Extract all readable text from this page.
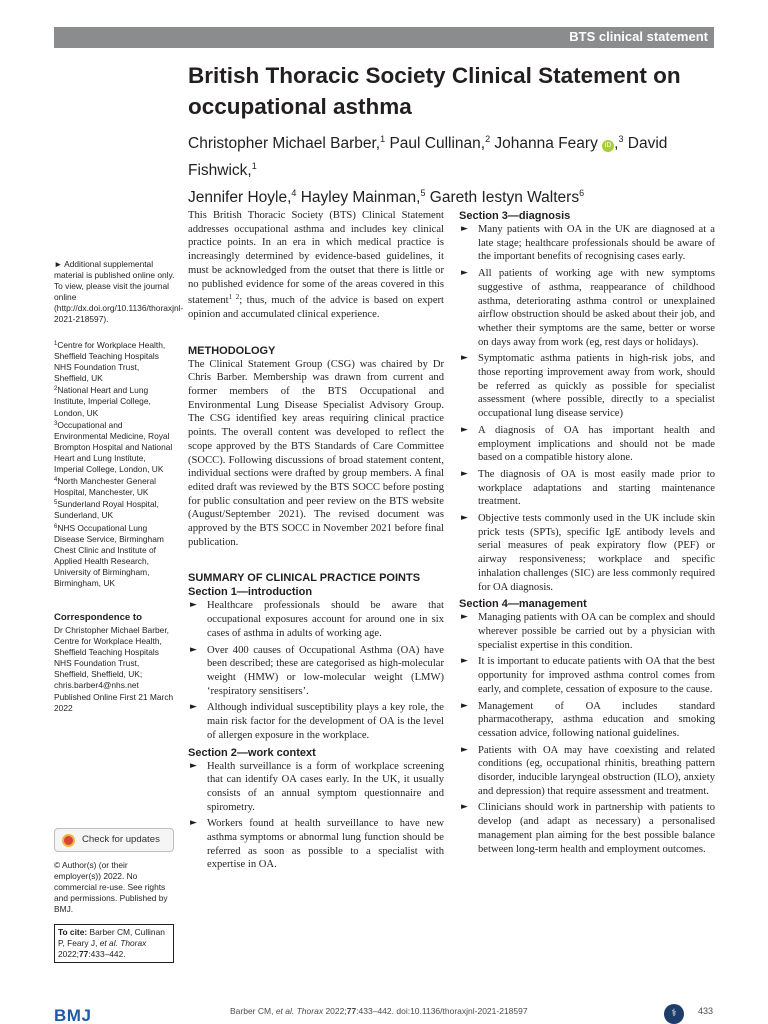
BTS clinical statement
British Thoracic Society Clinical Statement on occupational asthma
Christopher Michael Barber,$^1$ Paul Cullinan,$^2$ Johanna Feary iD ,$^3$ David Fishwick,$^1$
Jennifer Hoyle,$^4$ Hayley Mainman,$^5$ Gareth Iestyn Walters$^6$
► Additional supplemental material is published online only. To view, please visit the journal online (http://dx.doi.org/10.1136/thoraxjnl-2021-218597).
$^1$Centre for Workplace Health, Sheffield Teaching Hospitals NHS Foundation Trust, Sheffield, UK
$^2$National Heart and Lung Institute, Imperial College, London, UK
$^3$Occupational and Environmental Medicine, Royal Brompton Hospital and National Heart and Lung Institute, Imperial College, London, UK
$^4$North Manchester General Hospital, Manchester, UK
$^5$Sunderland Royal Hospital, Sunderland, UK
$^6$NHS Occupational Lung Disease Service, Birmingham Chest Clinic and Institute of Applied Health Research, University of Birmingham, Birmingham, UK
Correspondence to
Dr Christopher Michael Barber, Centre for Workplace Health, Sheffield Teaching Hospitals NHS Foundation Trust, Sheffield, Sheffield, UK; chris.barber4@nhs.net
Published Online First 21 March 2022
Check for updates
© Author(s) (or their employer(s)) 2022. No commercial re-use. See rights and permissions. Published by BMJ.
To cite: Barber CM, Cullinan P, Feary J, et al. Thorax 2022;77:433–442.

This British Thoracic Society (BTS) Clinical Statement addresses occupational asthma and includes key clinical practice points. In an era in which medical practice is increasingly determined by evidence-based guidelines, it must be acknowledged from the outset that there is little or no published evidence for some of the areas covered in this statement$^{1 2}$; thus, much of the advice is based on expert opinion and accumulated clinical experience.

METHODOLOGY

The Clinical Statement Group (CSG) was chaired by Dr Chris Barber. Membership was drawn from current and former members of the BTS Occupational and Environmental Lung Disease Specialist Advisory Group. The CSG identified key areas requiring clinical practice points. The overall content was developed to reflect the scope approved by the BTS Standards of Care Committee (SOCC). Following discussions of broad statement content, individual sections were drafted by group members. A final edited draft was reviewed by the BTS SOCC before posting for public consultation and peer review on the BTS website (August/September 2021). The revised document was approved by the BTS SOCC in November 2021 before final publication.

SUMMARY OF CLINICAL PRACTICE POINTS
Section 1—introduction
► Healthcare professionals should be aware that occupational exposures account for around one in six cases of asthma in adults of working age.
► Over 400 causes of Occupational Asthma (OA) have been described; these are categorised as high-molecular weight (HMW) or low-molecular weight (LMW) ‘respiratory sensitisers’.
► Although individual susceptibility plays a key role, the main risk factor for the development of OA is the level of allergen exposure in the workplace.
Section 2—work context
► Health surveillance is a form of workplace screening that can identify OA cases early. In the UK, it usually consists of an annual symptom questionnaire and spirometry.
► Workers found at health surveillance to have new asthma symptoms or abnormal lung function should be referred as soon as possible to a specialist with expertise in OA.
Section 3—diagnosis
► Many patients with OA in the UK are diagnosed at a late stage; healthcare professionals should be aware of the important benefits of recognising cases early.
► All patients of working age with new symptoms suggestive of asthma, reappearance of childhood asthma, deteriorating asthma control or unexplained airflow obstruction should be asked about their job, and whether their symptoms are the same, better or worse on days away from work (eg, rest days or holidays).
► Symptomatic asthma patients in high-risk jobs, and those reporting improvement away from work, should be referred as quickly as possible for specialist assessment (where possible, directly to a specialist occupational lung disease service)
► A diagnosis of OA has important health and employment implications and should not be made based on a compatible history alone.
► The diagnosis of OA is most easily made prior to workplace adaptations and starting maintenance treatment.
► Objective tests commonly used in the UK include skin prick tests (SPTs), specific IgE antibody levels and serial measures of peak expiratory flow (PEF) or airway responsiveness; workplace and specific inhalation challenges (SIC) are less commonly required for OA diagnosis.
Section 4—management
► Managing patients with OA can be complex and should wherever possible be carried out by a physician with specialist expertise in this condition.
► It is important to educate patients with OA that the best opportunity for improved asthma control comes from early, and complete, cessation of exposure to the cause.
► Management of OA includes standard pharmacotherapy, asthma education and smoking cessation advice, following national guidelines.
► Patients with OA may have coexisting and related conditions (eg, occupational rhinitis, breathing pattern disorder, inducible laryngeal obstruction (ILO), anxiety and depression) that require assessment and treatment.
► Clinicians should work in partnership with patients to develop (and adapt as necessary) a personalised management plan aiming for the best possible balance between long-term health and employment outcomes.
BMJ	Barber CM, et al. Thorax 2022;77:433–442. doi:10.1136/thoraxjnl-2021-218597	⚕	433
